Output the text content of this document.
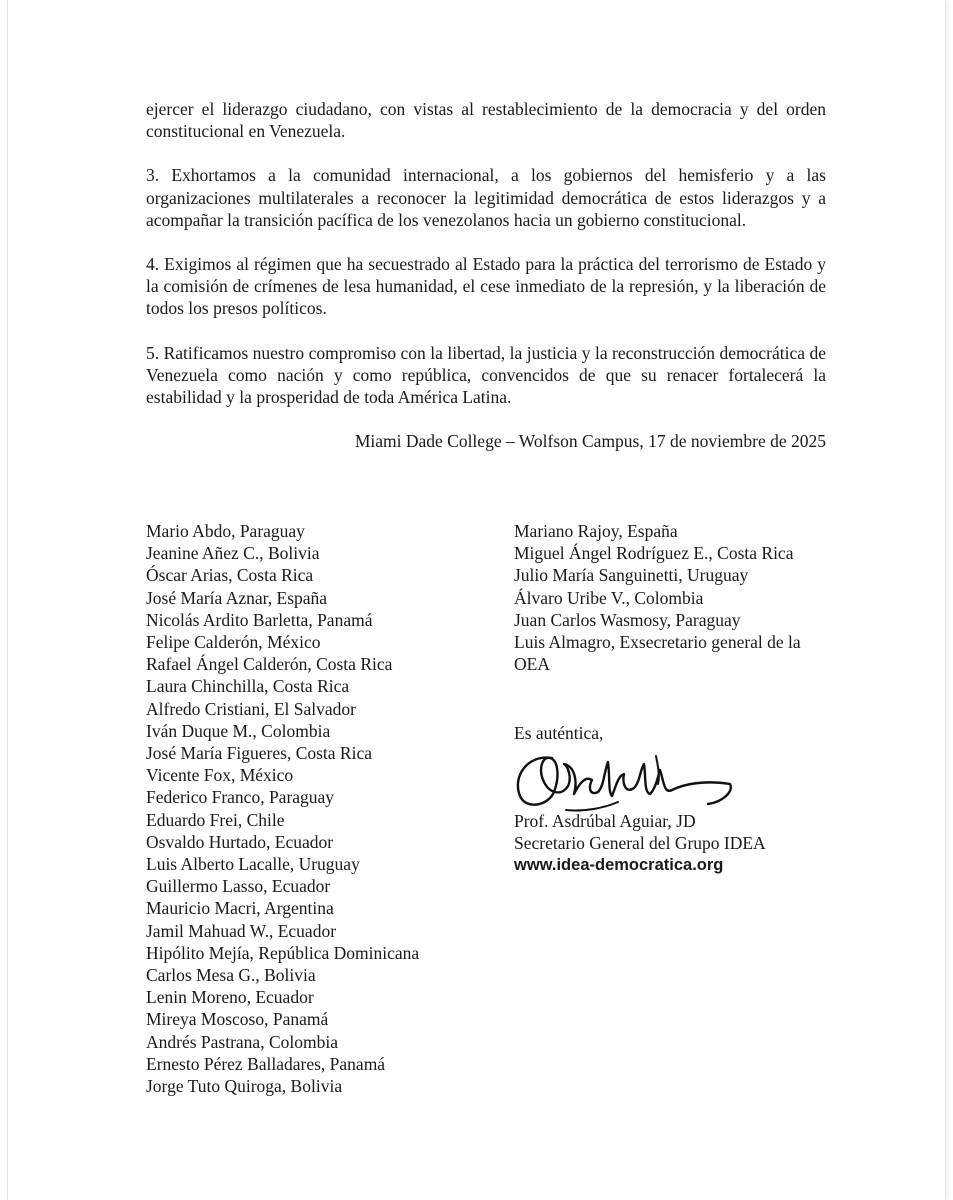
ejercer el liderazgo ciudadano, con vistas al restablecimiento de la democracia y del orden constitucional en Venezuela.

3. Exhortamos a la comunidad internacional, a los gobiernos del hemisferio y a las organizaciones multilaterales a reconocer la legitimidad democrática de estos liderazgos y a acompañar la transición pacífica de los venezolanos hacia un gobierno constitucional.

4. Exigimos al régimen que ha secuestrado al Estado para la práctica del terrorismo de Estado y la comisión de crímenes de lesa humanidad, el cese inmediato de la represión, y la liberación de todos los presos políticos.

5. Ratificamos nuestro compromiso con la libertad, la justicia y la reconstrucción democrática de Venezuela como nación y como república, convencidos de que su renacer fortalecerá la estabilidad y la prosperidad de toda América Latina.

Miami Dade College – Wolfson Campus, 17 de noviembre de 2025

Mario Abdo, Paraguay
Jeanine Añez C., Bolivia
Óscar Arias, Costa Rica
José María Aznar, España
Nicolás Ardito Barletta, Panamá
Felipe Calderón, México
Rafael Ángel Calderón, Costa Rica
Laura Chinchilla, Costa Rica
Alfredo Cristiani, El Salvador
Iván Duque M., Colombia
José María Figueres, Costa Rica
Vicente Fox, México
Federico Franco, Paraguay
Eduardo Frei, Chile
Osvaldo Hurtado, Ecuador
Luis Alberto Lacalle, Uruguay
Guillermo Lasso, Ecuador
Mauricio Macri, Argentina
Jamil Mahuad W., Ecuador
Hipólito Mejía, República Dominicana
Carlos Mesa G., Bolivia
Lenin Moreno, Ecuador
Mireya Moscoso, Panamá
Andrés Pastrana, Colombia
Ernesto Pérez Balladares, Panamá
Jorge Tuto Quiroga, Bolivia
Mariano Rajoy, España
Miguel Ángel Rodríguez E., Costa Rica
Julio María Sanguinetti, Uruguay
Álvaro Uribe V., Colombia
Juan Carlos Wasmosy, Paraguay
Luis Almagro, Exsecretario general de la OEA
Es auténtica,
Prof. Asdrúbal Aguiar, JD
Secretario General del Grupo IDEA
www.idea-democratica.org
